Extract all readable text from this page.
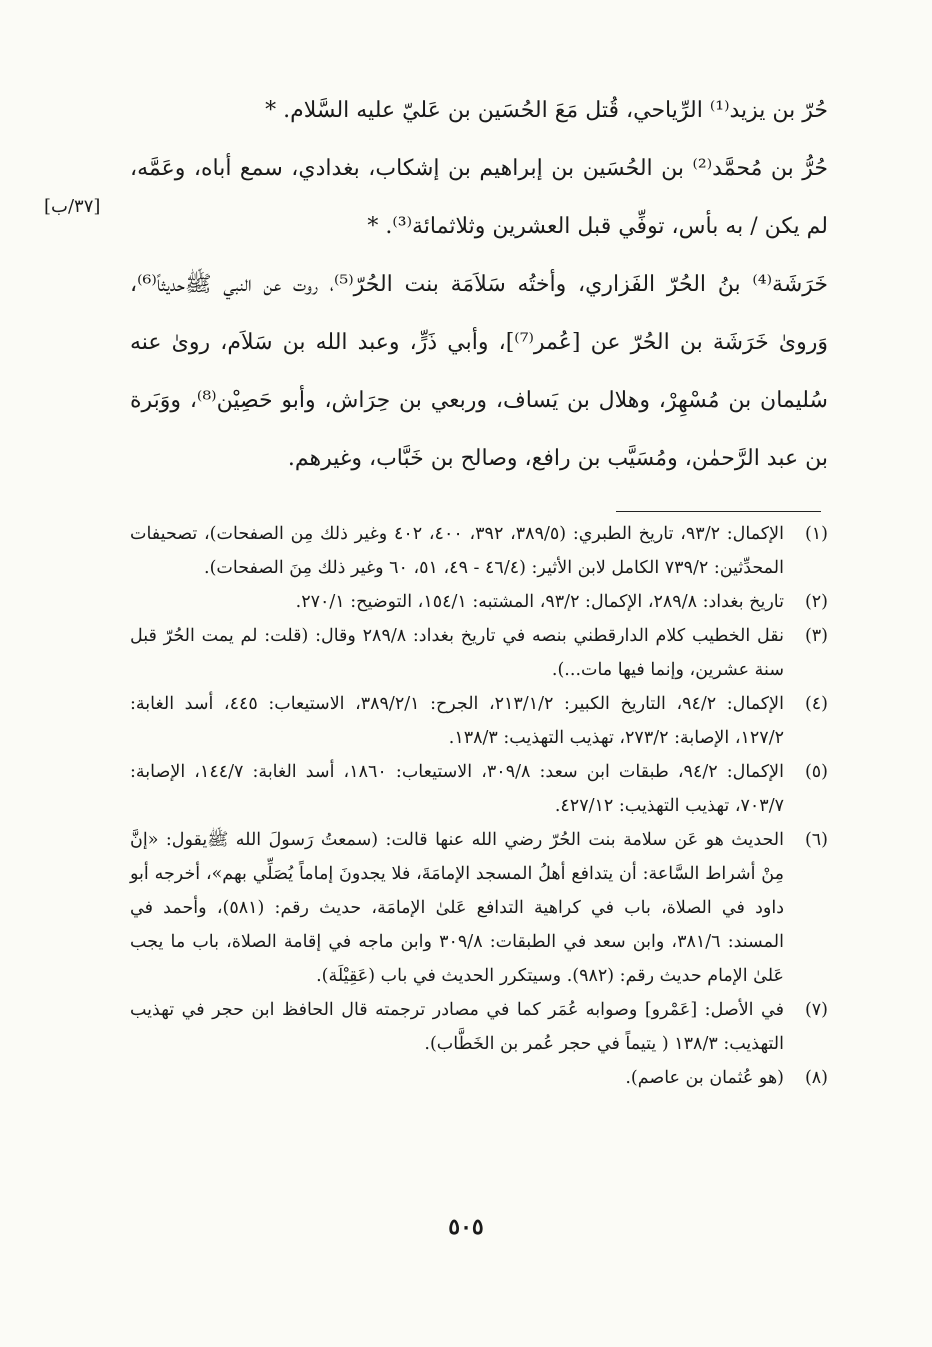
حُرّ بن يزيد⁽¹⁾ الرِّياحي، قُتل مَعَ الحُسَين بن عَليّ عليه السَّلام. *

حُرُّ بن مُحمَّد⁽²⁾ بن الحُسَين بن إبراهيم بن إشكاب، بغدادي، سمع أباه، وعَمَّه، لم يكن / به بأس، توفِّي قبل العشرين وثلاثمائة⁽³⁾. *

خَرَشَة⁽⁴⁾ بنُ الحُرّ الفَزاري، وأختُه سَلاَمَة بنت الحُرّ⁽⁵⁾، روت عن النبي ﷺحديثاً⁽⁶⁾، وَروىٰ خَرَشَة بن الحُرّ عن [عُمر⁽⁷⁾]، وأبي ذَرٍّ، وعبد الله بن سَلاَم، روىٰ عنه سُليمان بن مُسْهِرْ، وهلال بن يَساف، وربعي بن حِرَاش، وأبو حَصِيْن⁽⁸⁾، ووَبَرة بن عبد الرَّحمٰن، ومُسَيَّب بن رافع، وصالح بن خَبَّاب، وغيرهم.

[٣٧/ب]
(١)
الإكمال: ٩٣/٢، تاريخ الطبري: (٣٨٩/٥، ٣٩٢، ٤٠٠، ٤٠٢ وغير ذلك مِن الصفحات)، تصحيفات المحدِّثين: ٧٣٩/٢ الكامل لابن الأثير: (٤٦/٤ - ٤٩، ٥١، ٦٠ وغير ذلك مِنَ الصفحات).
(٢)
تاريخ بغداد: ٢٨٩/٨، الإكمال: ٩٣/٢، المشتبه: ١٥٤/١، التوضيح: ٢٧٠/١.
(٣)
نقل الخطيب كلام الدارقطني بنصه في تاريخ بغداد: ٢٨٩/٨ وقال: (قلت: لم يمت الحُرّ قبل سنة عشرين، وإنما فيها مات...).
(٤)
الإكمال: ٩٤/٢، التاريخ الكبير: ٢١٣/١/٢، الجرح: ٣٨٩/٢/١، الاستيعاب: ٤٤٥، أسد الغابة: ١٢٧/٢، الإصابة: ٢٧٣/٢، تهذيب التهذيب: ١٣٨/٣.
(٥)
الإكمال: ٩٤/٢، طبقات ابن سعد: ٣٠٩/٨، الاستيعاب: ١٨٦٠، أسد الغابة: ١٤٤/٧، الإصابة: ٧٠٣/٧، تهذيب التهذيب: ٤٢٧/١٢.
(٦)
الحديث هو عَن سلامة بنت الحُرّ رضي الله عنها قالت: (سمعتُ رَسولَ الله ﷺيقول: «إنَّ مِنْ أشراط السَّاعة: أن يتدافع أهلُ المسجد الإمامَةَ، فلا يجدونَ إماماً يُصَلِّي بهم»، أخرجه أبو داود في الصلاة، باب في كراهية التدافع عَلىٰ الإمامَة، حديث رقم: (٥٨١)، وأحمد في المسند: ٣٨١/٦، وابن سعد في الطبقات: ٣٠٩/٨ وابن ماجه في إقامة الصلاة، باب ما يجب عَلىٰ الإمام حديث رقم: (٩٨٢). وسيتكرر الحديث في باب (عَقِيْلَة).
(٧)
في الأصل: [عَمْرو] وصوابه عُمَر كما في مصادر ترجمته قال الحافظ ابن حجر في تهذيب التهذيب: ١٣٨/٣ ( يتيماً في حجر عُمر بن الخَطَّاب).
(٨)
(هو عُثمان بن عاصم).
٥٠٥
